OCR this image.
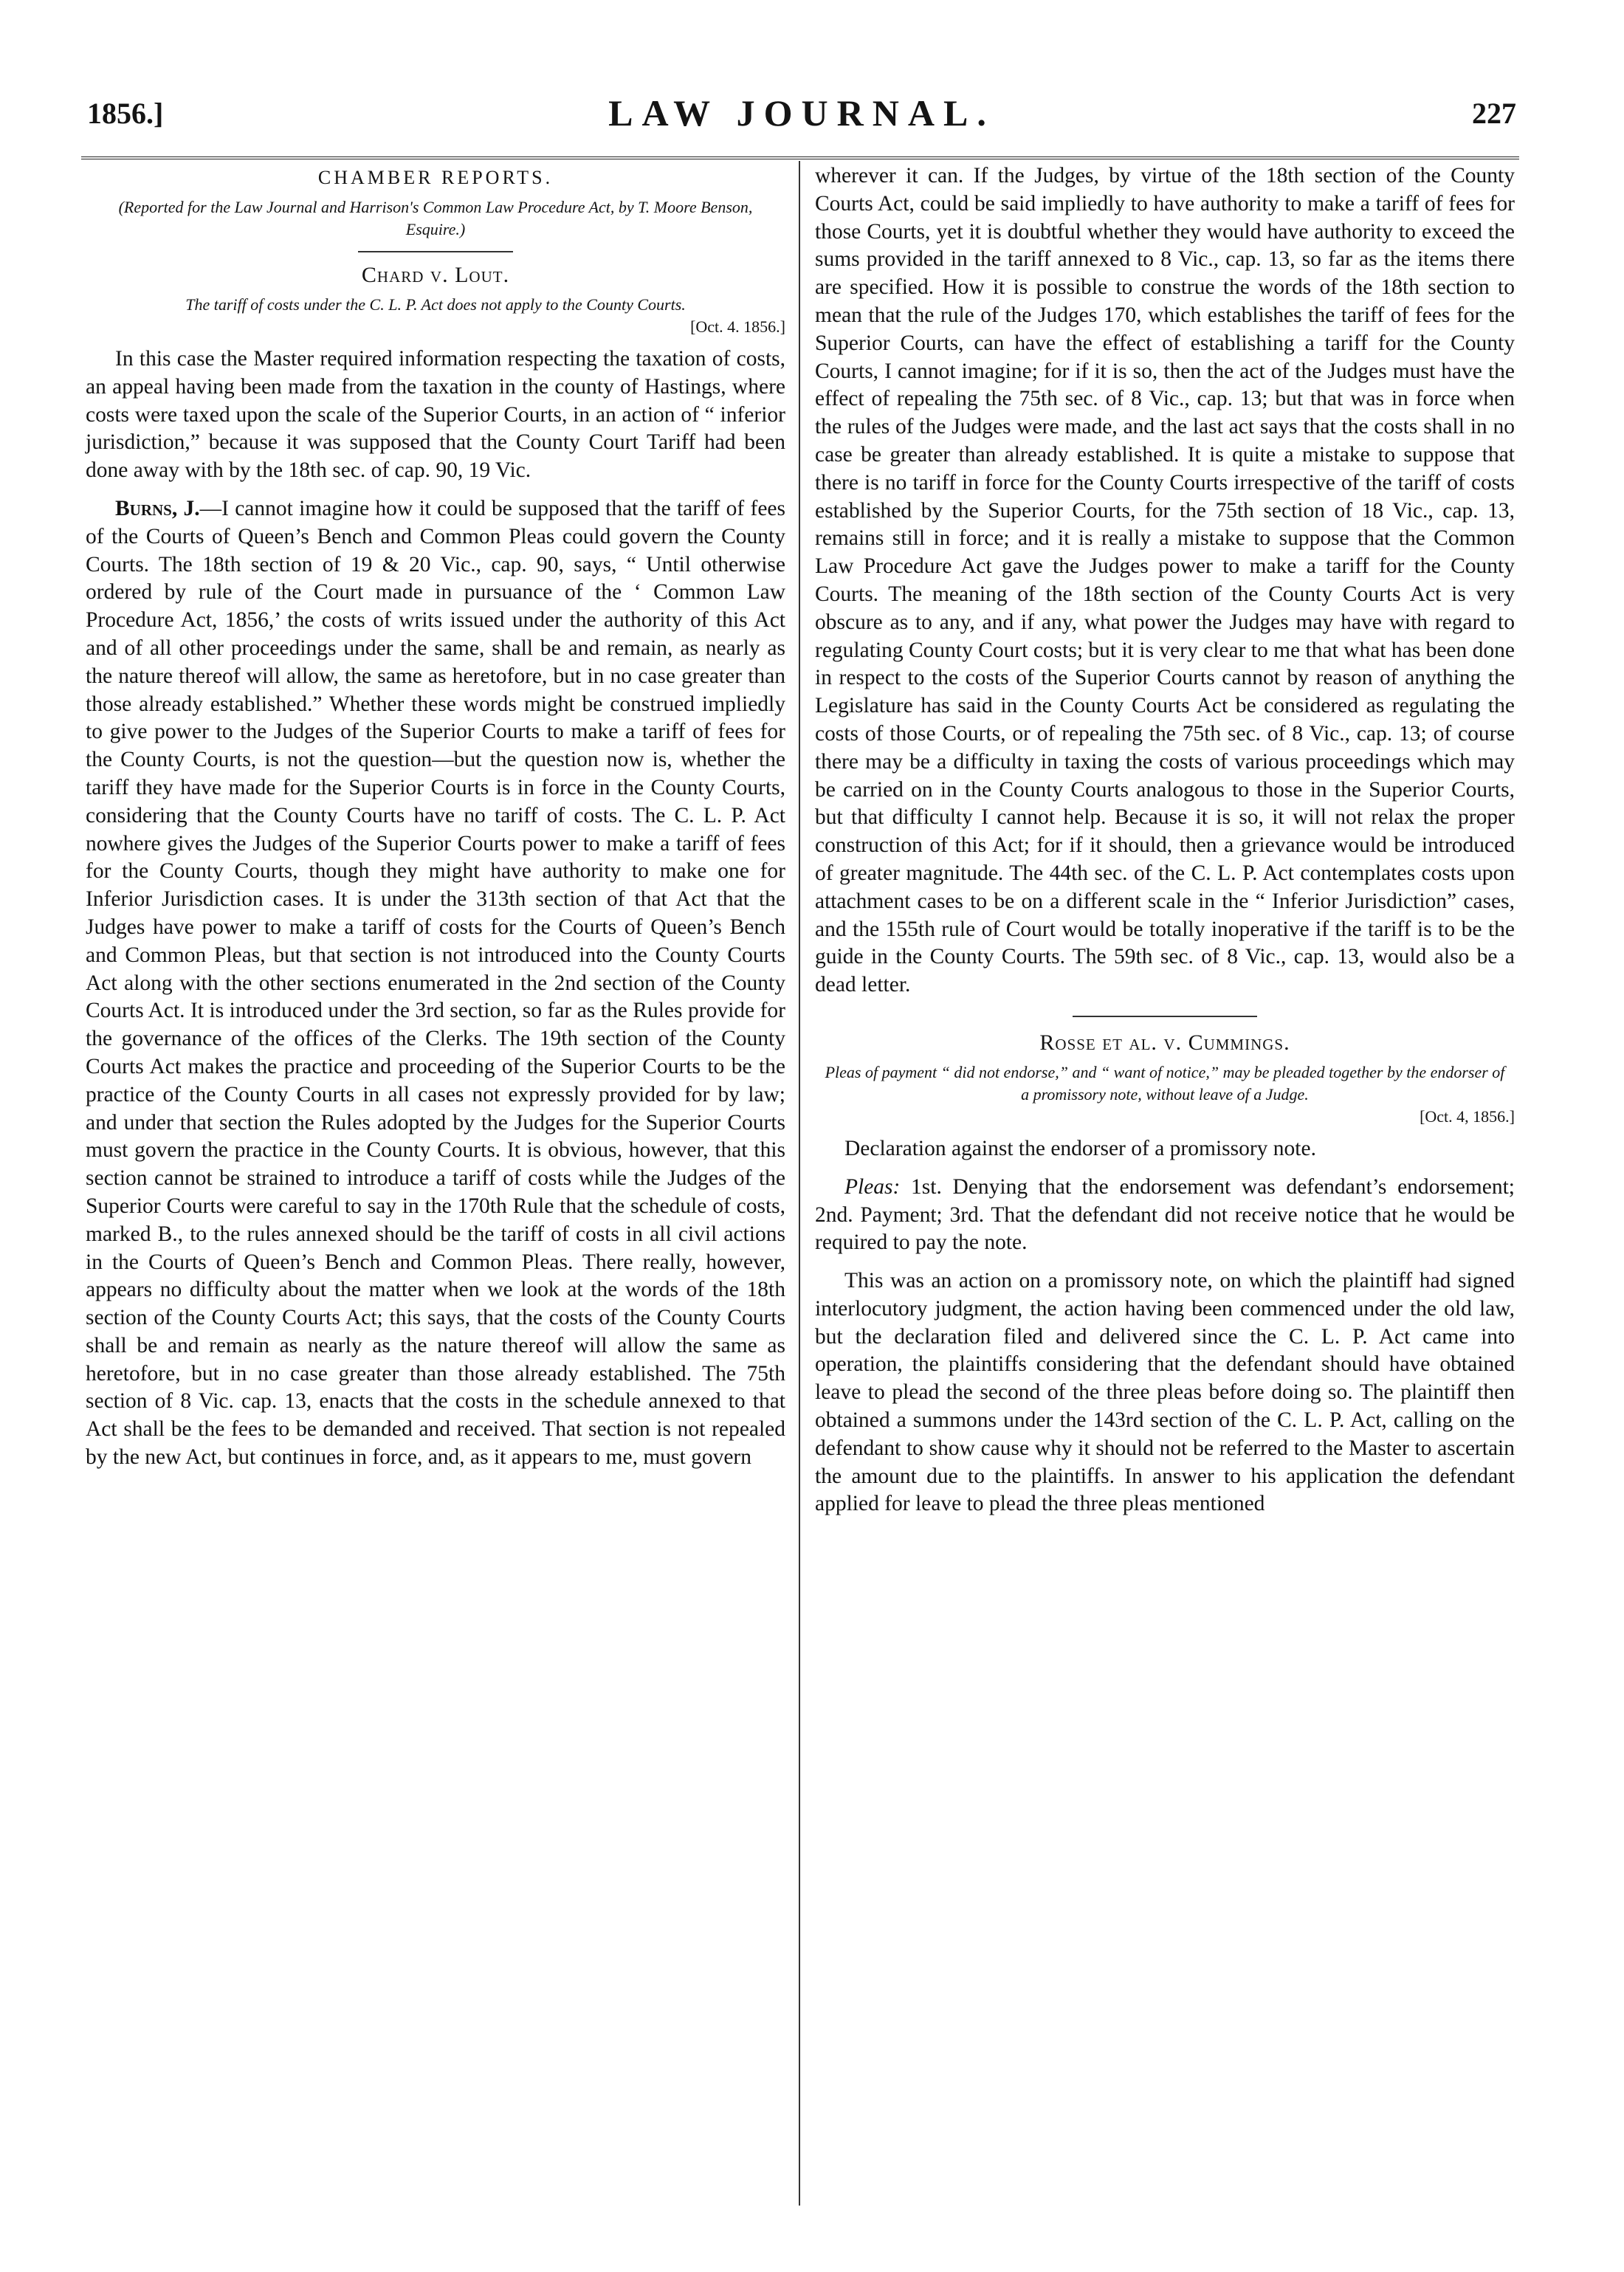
1856.]	LAW JOURNAL.	227
CHAMBER REPORTS.
(Reported for the Law Journal and Harrison's Common Law Procedure Act, by T. Moore Benson, Esquire.)
Chard v. Lout.
The tariff of costs under the C. L. P. Act does not apply to the County Courts.
[Oct. 4. 1856.]

In this case the Master required information respecting the taxation of costs, an appeal having been made from the taxation in the county of Hastings, where costs were taxed upon the scale of the Superior Courts, in an action of “ inferior jurisdiction,” because it was supposed that the County Court Tariff had been done away with by the 18th sec. of cap. 90, 19 Vic.

Burns, J.—I cannot imagine how it could be supposed that the tariff of fees of the Courts of Queen’s Bench and Common Pleas could govern the County Courts. The 18th section of 19 & 20 Vic., cap. 90, says, “ Until otherwise ordered by rule of the Court made in pursuance of the ‘ Common Law Procedure Act, 1856,’ the costs of writs issued under the authority of this Act and of all other proceedings under the same, shall be and remain, as nearly as the nature thereof will allow, the same as heretofore, but in no case greater than those already established.” Whether these words might be construed impliedly to give power to the Judges of the Superior Courts to make a tariff of fees for the County Courts, is not the question—but the question now is, whether the tariff they have made for the Superior Courts is in force in the County Courts, considering that the County Courts have no tariff of costs. The C. L. P. Act nowhere gives the Judges of the Superior Courts power to make a tariff of fees for the County Courts, though they might have authority to make one for Inferior Jurisdiction cases. It is under the 313th section of that Act that the Judges have power to make a tariff of costs for the Courts of Queen’s Bench and Common Pleas, but that section is not introduced into the County Courts Act along with the other sections enumerated in the 2nd section of the County Courts Act. It is introduced under the 3rd section, so far as the Rules provide for the governance of the offices of the Clerks. The 19th section of the County Courts Act makes the practice and proceeding of the Superior Courts to be the practice of the County Courts in all cases not expressly provided for by law; and under that section the Rules adopted by the Judges for the Superior Courts must govern the practice in the County Courts. It is obvious, however, that this section cannot be strained to introduce a tariff of costs while the Judges of the Superior Courts were careful to say in the 170th Rule that the schedule of costs, marked B., to the rules annexed should be the tariff of costs in all civil actions in the Courts of Queen’s Bench and Common Pleas. There really, however, appears no difficulty about the matter when we look at the words of the 18th section of the County Courts Act; this says, that the costs of the County Courts shall be and remain as nearly as the nature thereof will allow the same as heretofore, but in no case greater than those already established. The 75th section of 8 Vic. cap. 13, enacts that the costs in the schedule annexed to that Act shall be the fees to be demanded and received. That section is not repealed by the new Act, but continues in force, and, as it appears to me, must govern

wherever it can. If the Judges, by virtue of the 18th section of the County Courts Act, could be said impliedly to have authority to make a tariff of fees for those Courts, yet it is doubtful whether they would have authority to exceed the sums provided in the tariff annexed to 8 Vic., cap. 13, so far as the items there are specified. How it is possible to construe the words of the 18th section to mean that the rule of the Judges 170, which establishes the tariff of fees for the Superior Courts, can have the effect of establishing a tariff for the County Courts, I cannot imagine; for if it is so, then the act of the Judges must have the effect of repealing the 75th sec. of 8 Vic., cap. 13; but that was in force when the rules of the Judges were made, and the last act says that the costs shall in no case be greater than already established. It is quite a mistake to suppose that there is no tariff in force for the County Courts irrespective of the tariff of costs established by the Superior Courts, for the 75th section of 18 Vic., cap. 13, remains still in force; and it is really a mistake to suppose that the Common Law Procedure Act gave the Judges power to make a tariff for the County Courts. The meaning of the 18th section of the County Courts Act is very obscure as to any, and if any, what power the Judges may have with regard to regulating County Court costs; but it is very clear to me that what has been done in respect to the costs of the Superior Courts cannot by reason of anything the Legislature has said in the County Courts Act be considered as regulating the costs of those Courts, or of repealing the 75th sec. of 8 Vic., cap. 13; of course there may be a difficulty in taxing the costs of various proceedings which may be carried on in the County Courts analogous to those in the Superior Courts, but that difficulty I cannot help. Because it is so, it will not relax the proper construction of this Act; for if it should, then a grievance would be introduced of greater magnitude. The 44th sec. of the C. L. P. Act contemplates costs upon attachment cases to be on a different scale in the “ Inferior Jurisdiction” cases, and the 155th rule of Court would be totally inoperative if the tariff is to be the guide in the County Courts. The 59th sec. of 8 Vic., cap. 13, would also be a dead letter.

Rosse et al. v. Cummings.
Pleas of payment “ did not endorse,” and “ want of notice,” may be pleaded together by the endorser of a promissory note, without leave of a Judge.
[Oct. 4, 1856.]

Declaration against the endorser of a promissory note.

Pleas: 1st. Denying that the endorsement was defendant’s endorsement; 2nd. Payment; 3rd. That the defendant did not receive notice that he would be required to pay the note.

This was an action on a promissory note, on which the plaintiff had signed interlocutory judgment, the action having been commenced under the old law, but the declaration filed and delivered since the C. L. P. Act came into operation, the plaintiffs considering that the defendant should have obtained leave to plead the second of the three pleas before doing so. The plaintiff then obtained a summons under the 143rd section of the C. L. P. Act, calling on the defendant to show cause why it should not be referred to the Master to ascertain the amount due to the plaintiffs. In answer to his application the defendant applied for leave to plead the three pleas mentioned
